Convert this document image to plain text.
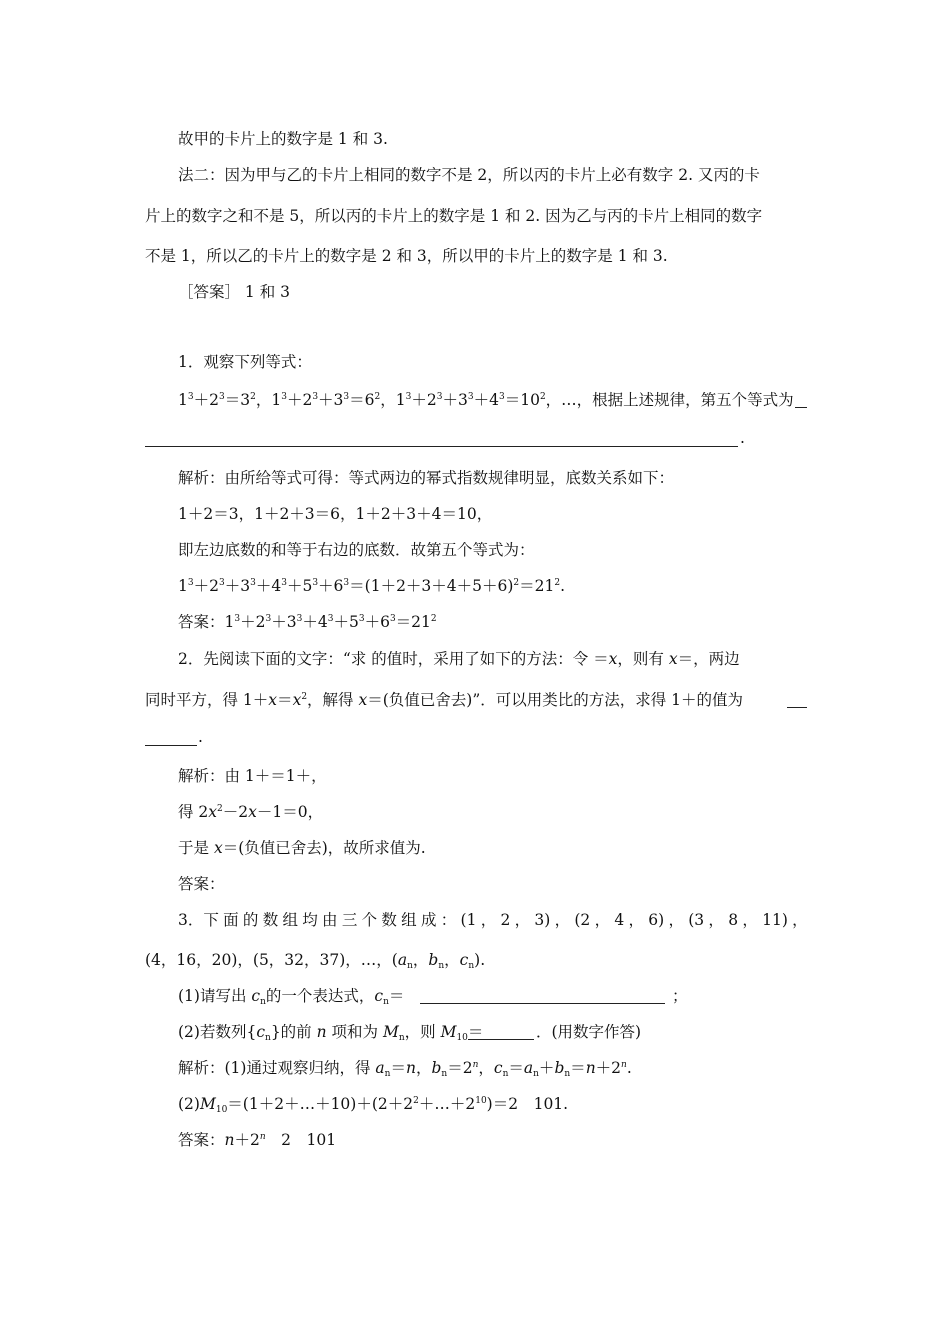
故甲的卡片上的数字是 1 和 3.
法二：因为甲与乙的卡片上相同的数字不是 2，所以丙的卡片上必有数字 2. 又丙的卡
片上的数字之和不是 5，所以丙的卡片上的数字是 1 和 2. 因为乙与丙的卡片上相同的数字
不是 1，所以乙的卡片上的数字是 2 和 3，所以甲的卡片上的数字是 1 和 3.
［答案］ 1 和 3
1．观察下列等式：
$1^3+2^3=3^2$，$1^3+2^3+3^3=6^2$，$1^3+2^3+3^3+4^3=10^2$，…，根据上述规律，第五个等式为
.
解析：由所给等式可得：等式两边的幂式指数规律明显，底数关系如下：
1＋2＝3，1＋2＋3＝6，1＋2＋3＋4＝10，
即左边底数的和等于右边的底数．故第五个等式为：
$1^3+2^3+3^3+4^3+5^3+6^3=(1+2+3+4+5+6)^2=21^2$.
答案：$1^3+2^3+3^3+4^3+5^3+6^3=21^2$
2．先阅读下面的文字：“求 的值时，采用了如下的方法：令 ＝x，则有 x＝，两边
同时平方，得 $1+x=x^2$，解得 x＝(负值已舍去)”．可以用类比的方法，求得 1＋的值为
.
解析：由 1＋＝1＋，
得 $2x^2-2x-1=0$，
于是 x＝(负值已舍去)，故所求值为.
答案：
3．下 面 的 数 组 均 由 三 个 数 组 成 ： (1 ， 2 ， 3) ， (2 ， 4 ， 6) ， (3 ， 8 ， 11) ，
(4，16，20)，(5，32，37)，…，($a_n$，$b_n$，$c_n$).
(1)请写出 $c_n$的一个表达式，$c_n=$	；
(2)若数列$\{c_n\}$的前 n 项和为 $M_n$，则 $M_{10}=$	．(用数字作答)
解析：(1)通过观察归纳，得 $a_n=n$，$b_n=2^n$，$c_n=a_n+b_n=n+2^n$.
$(2)M_{10}=(1+2+\dots+10)+(2+2^2+\dots+2^{10})=2$　101.
答案：$n+2^n$　2　101
